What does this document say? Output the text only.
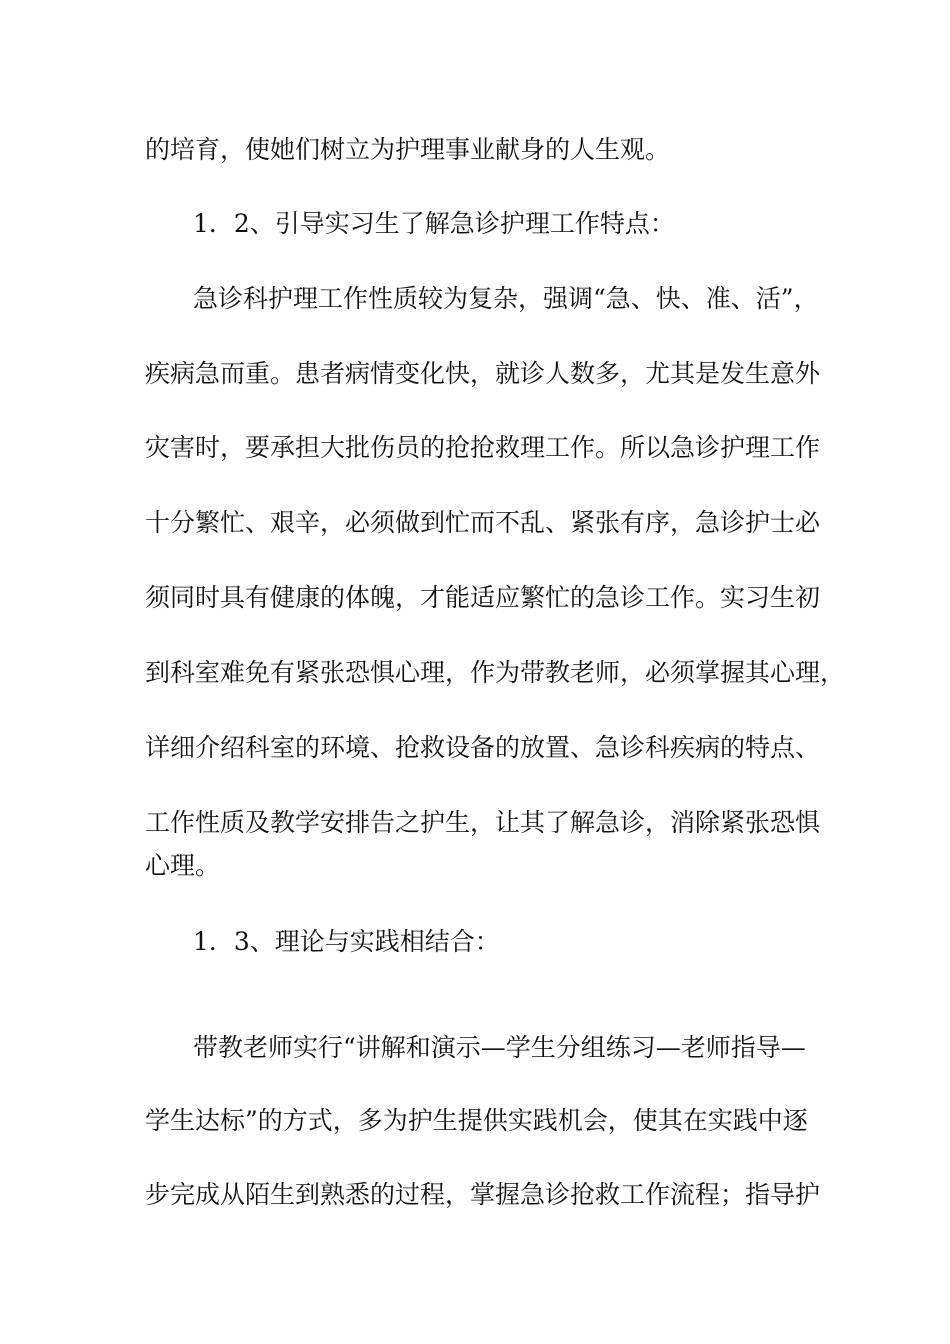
的培育，使她们树立为护理事业献身的人生观。
1．2、引导实习生了解急诊护理工作特点：
急诊科护理工作性质较为复杂，强调“急、快、准、活”，
疾病急而重。患者病情变化快，就诊人数多，尤其是发生意外
灾害时，要承担大批伤员的抢抢救理工作。所以急诊护理工作
十分繁忙、艰辛，必须做到忙而不乱、紧张有序，急诊护士必
须同时具有健康的体魄，才能适应繁忙的急诊工作。实习生初
到科室难免有紧张恐惧心理，作为带教老师，必须掌握其心理，
详细介绍科室的环境、抢救设备的放置、急诊科疾病的特点、
工作性质及教学安排告之护生，让其了解急诊，消除紧张恐惧
心理。
1．3、理论与实践相结合：
带教老师实行“讲解和演示—学生分组练习—老师指导—
学生达标”的方式，多为护生提供实践机会，使其在实践中逐
步完成从陌生到熟悉的过程，掌握急诊抢救工作流程；指导护
